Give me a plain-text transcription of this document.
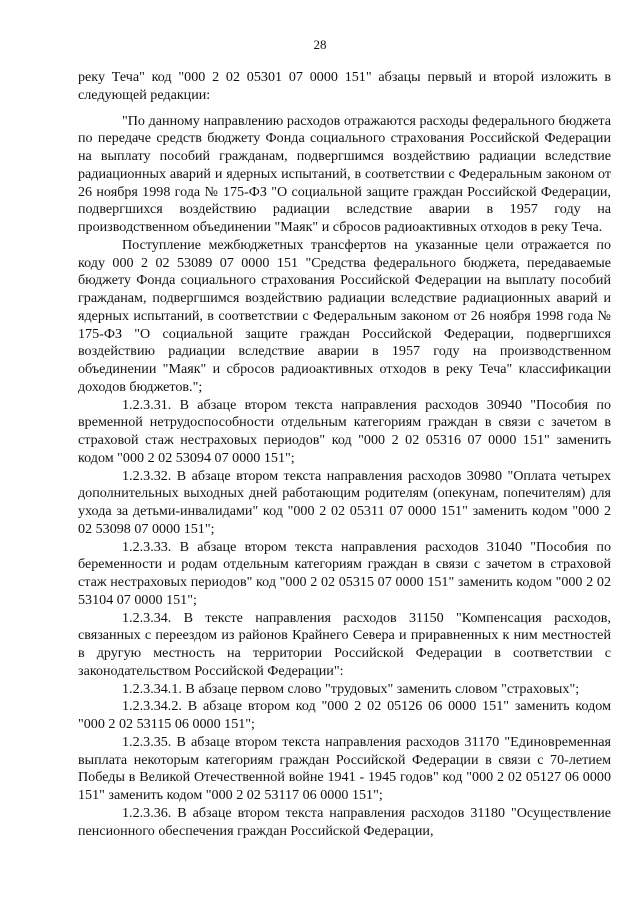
28

реку Теча" код "000 2 02 05301 07 0000 151" абзацы первый и второй изложить в следующей редакции:

"По данному направлению расходов отражаются расходы федерального бюджета по передаче средств бюджету Фонда социального страхования Российской Федерации на выплату пособий гражданам, подвергшимся воздействию радиации вследствие радиационных аварий и ядерных испытаний, в соответствии с Федеральным законом от 26 ноября 1998 года № 175-ФЗ "О социальной защите граждан Российской Федерации, подвергшихся воздействию радиации вследствие аварии в 1957 году на производственном объединении "Маяк" и сбросов радиоактивных отходов в реку Теча.

Поступление межбюджетных трансфертов на указанные цели отражается по коду 000 2 02 53089 07 0000 151 "Средства федерального бюджета, передаваемые бюджету Фонда социального страхования Российской Федерации на выплату пособий гражданам, подвергшимся воздействию радиации вследствие радиационных аварий и ядерных испытаний, в соответствии с Федеральным законом от 26 ноября 1998 года № 175-ФЗ "О социальной защите граждан Российской Федерации, подвергшихся воздействию радиации вследствие аварии в 1957 году на производственном объединении "Маяк" и сбросов радиоактивных отходов в реку Теча" классификации доходов бюджетов.";

1.2.3.31. В абзаце втором текста направления расходов 30940 "Пособия по временной нетрудоспособности отдельным категориям граждан в связи с зачетом в страховой стаж нестраховых периодов" код "000 2 02 05316 07 0000 151" заменить кодом "000 2 02 53094 07 0000 151";

1.2.3.32. В абзаце втором текста направления расходов 30980 "Оплата четырех дополнительных выходных дней работающим родителям (опекунам, попечителям) для ухода за детьми-инвалидами" код "000 2 02 05311 07 0000 151" заменить кодом "000 2 02 53098 07 0000 151";

1.2.3.33. В абзаце втором текста направления расходов 31040 "Пособия по беременности и родам отдельным категориям граждан в связи с зачетом в страховой стаж нестраховых периодов" код "000 2 02 05315 07 0000 151" заменить кодом "000 2 02 53104 07 0000 151";

1.2.3.34. В тексте направления расходов 31150 "Компенсация расходов, связанных с переездом из районов Крайнего Севера и приравненных к ним местностей в другую местность на территории Российской Федерации в соответствии с законодательством Российской Федерации":

1.2.3.34.1. В абзаце первом слово "трудовых" заменить словом "страховых";

1.2.3.34.2. В абзаце втором код "000 2 02 05126 06 0000 151" заменить кодом "000 2 02 53115 06 0000 151";

1.2.3.35. В абзаце втором текста направления расходов 31170 "Единовременная выплата некоторым категориям граждан Российской Федерации в связи с 70-летием Победы в Великой Отечественной войне 1941 - 1945 годов" код "000 2 02 05127 06 0000 151" заменить кодом "000 2 02 53117 06 0000 151";

1.2.3.36. В абзаце втором текста направления расходов 31180 "Осуществление пенсионного обеспечения граждан Российской Федерации,
